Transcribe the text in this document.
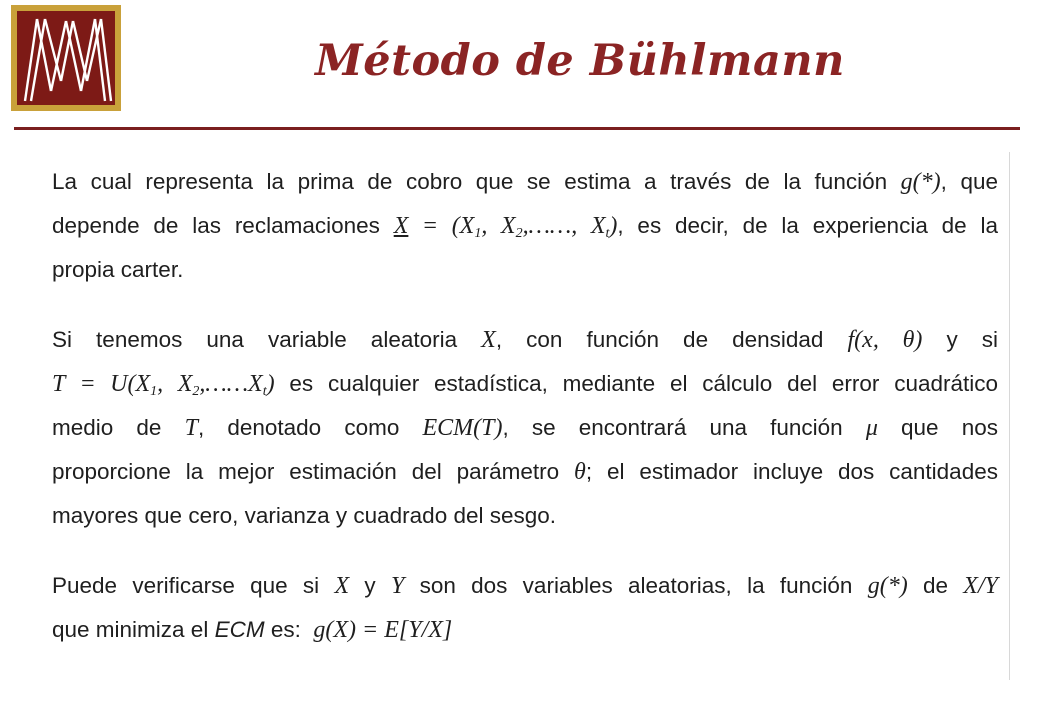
Método de Bühlmann
La cual representa la prima de cobro que se estima a través de la función g(*), que
depende de las reclamaciones $X = (X_1$, $X_2,\dots\dots$, $X_t$), es decir, de la experiencia de la
propia carter.
Si tenemos una variable aleatoria X, con función de densidad f(x, θ) y si
$T = U(X_1$, $X_2,\dots\dots X_t$) es cualquier estadística, mediante el cálculo del error cuadrático
medio de T, denotado como ECM(T), se encontrará una función μ que nos
proporcione la mejor estimación del parámetro θ; el estimador incluye dos cantidades
mayores que cero, varianza y cuadrado del sesgo.
Puede verificarse que si X y Y son dos variables aleatorias, la función g(*) de X/Y
que minimiza el ECM es: g(X) = E[Y/X]
